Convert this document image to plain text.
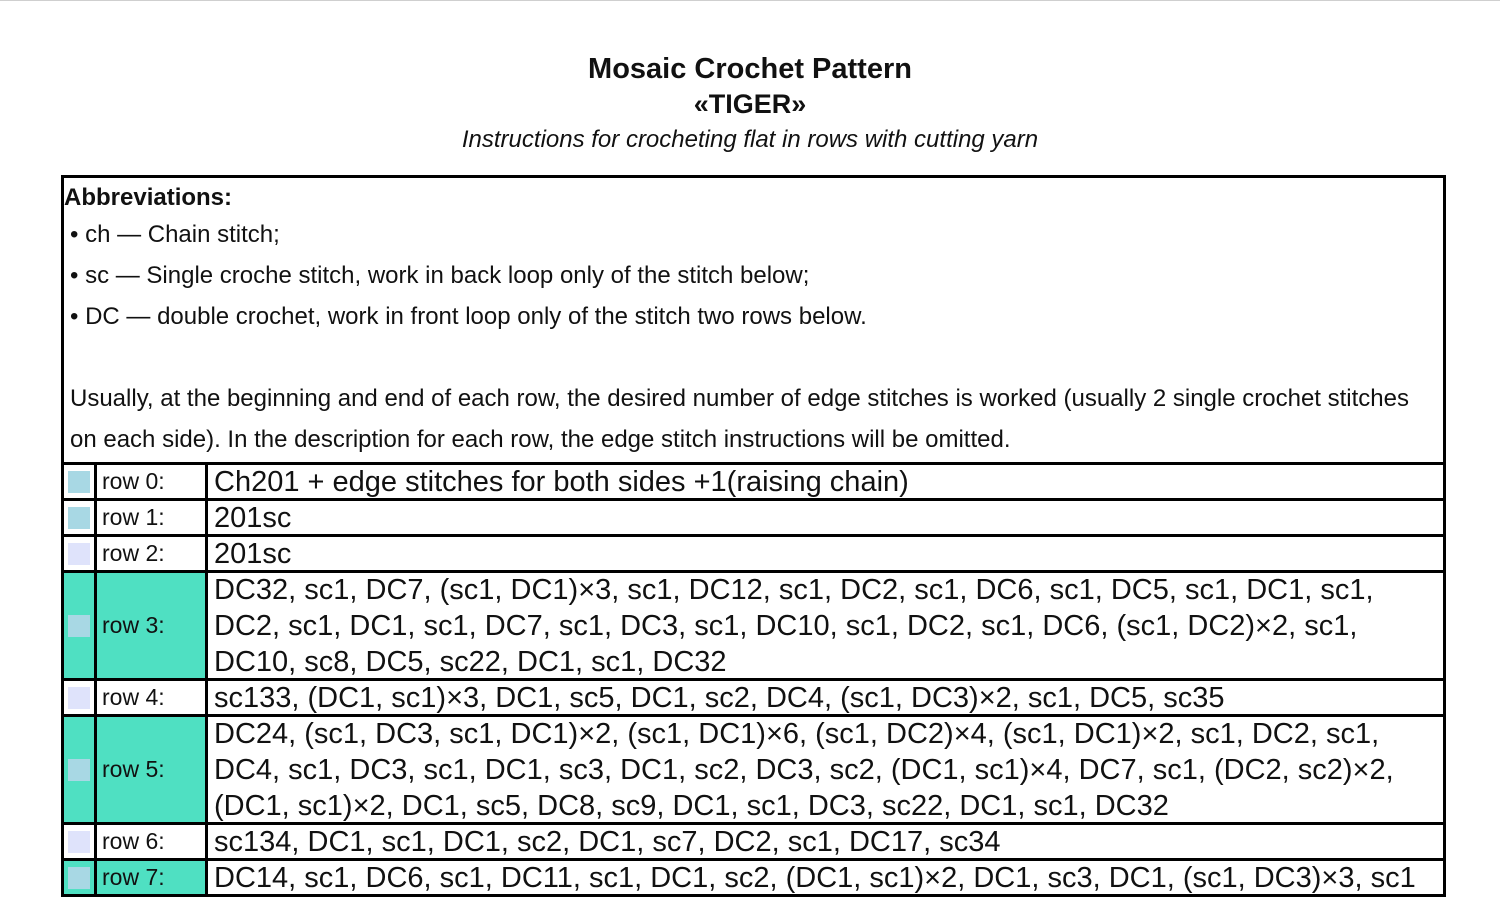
Mosaic Crochet Pattern
«TIGER»

Instructions for crocheting flat in rows with cutting yarn

Abbreviations:
• ch — Chain stitch;
• sc — Single croche stitch, work in back loop only of the stitch below;
• DC — double crochet, work in front loop only of the stitch two rows below.
Usually, at the beginning and end of each row, the desired number of edge stitches is worked (usually 2 single crochet stitches on each side). In the description for each row, the edge stitch instructions will be omitted.
row 0:	Ch201 + edge stitches for both sides +1(raising chain)
row 1:	201sc
row 2:	201sc
row 3:
DC32, sc1, DC7, (sc1, DC1)×3, sc1, DC12, sc1, DC2, sc1, DC6, sc1, DC5, sc1, DC1, sc1, DC2, sc1, DC1, sc1, DC7, sc1, DC3, sc1, DC10, sc1, DC2, sc1, DC6, (sc1, DC2)×2, sc1, DC10, sc8, DC5, sc22, DC1, sc1, DC32
row 4:	sc133, (DC1, sc1)×3, DC1, sc5, DC1, sc2, DC4, (sc1, DC3)×2, sc1, DC5, sc35
row 5:
DC24, (sc1, DC3, sc1, DC1)×2, (sc1, DC1)×6, (sc1, DC2)×4, (sc1, DC1)×2, sc1, DC2, sc1, DC4, sc1, DC3, sc1, DC1, sc3, DC1, sc2, DC3, sc2, (DC1, sc1)×4, DC7, sc1, (DC2, sc2)×2, (DC1, sc1)×2, DC1, sc5, DC8, sc9, DC1, sc1, DC3, sc22, DC1, sc1, DC32
row 6:	sc134, DC1, sc1, DC1, sc2, DC1, sc7, DC2, sc1, DC17, sc34
row 7:	DC14, sc1, DC6, sc1, DC11, sc1, DC1, sc2, (DC1, sc1)×2, DC1, sc3, DC1, (sc1, DC3)×3, sc1
